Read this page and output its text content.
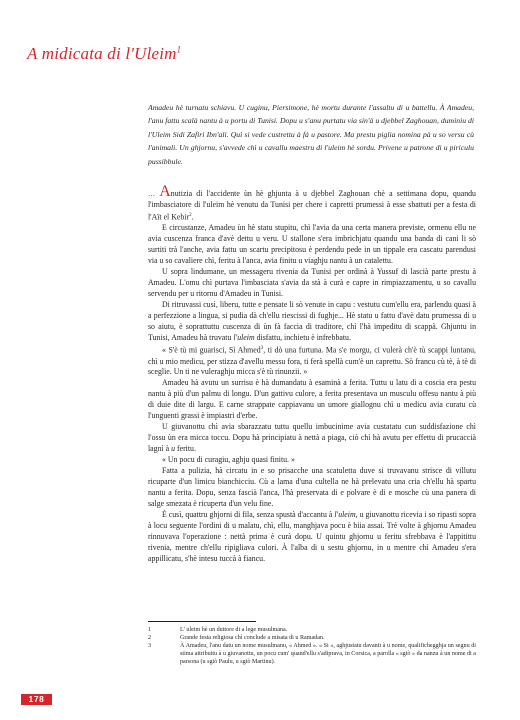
A midicata di l'Uleim$^1$

Amadeu hè turnatu schiavu. U cuginu, Piersimone, hè mortu durante l'assaltu di u battellu. À Amadeu, l'anu fattu scalà nantu à u portu di Tunisi. Dopu u s'anu purtatu via sin'à u djebbel Zaghouan, duminiu di l'Uleim Sidi Zafiri Ibn'ali. Quì si vede custrettu à fà u pastore. Ma prestu piglia nomina pà u so versu cù l'animali. Un ghjornu, s'avvede chì u cavallu maestru di l'uleim hè sordu. Privene u patrone di u piriculu pussibbule.

… Anutizia di l'accidente ùn hè ghjunta à u djebbel Zaghouan chè a settimana dopu, quandu l'imbasciatore di l'uleim hè venutu da Tunisi per chere i capretti prumessi à esse sbattuti per a festa di l'Aït el Kebir$^2$.

E circustanze, Amadeu ùn hè statu stupitu, chì l'avia da una certa manera previste, ormenu ellu ne avia cuscenza franca d'avè dettu u veru. U stallone s'era imbrichjatu quandu una banda di cani li sò surtiti trà l'anche, avia fattu un scartu precipitosu è perdendu pede in un tippale era cascatu parendusi via u so cavaliere chì, feritu à l'anca, avia finitu u viaghju nantu à un catalettu.

U sopra lindumane, un messageru rivenia da Tunisi per ordinà à Yussuf di lascià parte prestu à Amadeu. L'omu chì purtava l'imbasciata s'avia da stà à curà e capre in rimpiazzamentu, u so cavallu servendu per u ritornu d'Amadeu in Tunisi.

Di ritruvassi cusì, liberu, tutte e pensate li sò venute in capu : vestutu cum'ellu era, parlendu quasi à a perfezzione a lingua, si pudia dà ch'ellu riescissi di fughje... Hè statu u fattu d'avè datu prumessa di u so aiutu, è soprattuttu cuscenza di ùn fà faccia di traditore, chì l'hà impeditu di scappà. Ghjuntu in Tunisi, Amadeu hà truvatu l'uleim disfattu, inchietu è infrebbatu.

« S'è tù mi guarisci, Sì Ahmed$^3$, ti dò una furtuna. Ma s'e morgu, ci vulerà ch'è tù scappi luntanu, chì u mio medicu, per stizza d'avellu messu fora, ti ferà spellà cum'è un caprettu. Sò francu cù tè, à tè di sceglie. Un ti ne vuleraghju micca s'è tù rinunzii. »

Amadeu hà avutu un surrisu è hà dumandatu à esaminà a ferita. Tuttu u latu di a coscia era pestu nantu à più d'un palmu di longu. D'un gattivu culore, a ferita presentava un musculu offesu nantu à più di duie dite di largu. E carne strappate cappiavanu un umore giallognu chì u medicu avia curatu cù l'unguenti grassi è impiastri d'erbe.

U giuvanottu chì avia sbarazzatu tuttu quellu imbucinime avia custatatu cun suddisfazione chì l'ossu ùn era micca toccu. Dopu hà principiatu à nettà a piaga, ciò chì hà avutu per effettu di prucaccià lagnì à u feritu.

« Un pocu di curagiu, aghju quasi finitu. »

Fatta a pulizia, hà circatu in e so prisacche una scatuletta duve si truvavanu strisce di villutu ricuparte d'un limicu bianchicciu. Cù a lama d'una cultella ne hà prelevatu una cria ch'ellu hà spartu nantu a ferita. Dopu, senza fascià l'anca, l'hà preservata di e polvare è di e mosche cù una panera di salge smezata è ricuperta d'un velu fine.

È cusì, quattru ghjorni di fila, senza spustà d'accantu à l'uleim, u giuvanottu ricevia i so ripasti sopra à locu seguente l'ordini di u malatu, chì, ellu, manghjava pocu è biia assai. Trè volte à ghjornu Amadeu rinnuvava l'operazione : nettà prima è curà dopu. U quintu ghjornu u feritu sfrebbava è l'appitittu rivenia, mentre ch'ellu ripigliava culori. À l'alba di u sestu ghjornu, in u mentre chì Amadeu s'era appillicatu, s'hè intesu tuccà à fiancu.

1	L' uleim hè un duttore di a lege musulmana.
2	Grande festa religiosa chì conclude a misata di u Ramadan.
3	À Amadeu, l'anu datu un nome musulmanu, « Ahmed ». « Si », aghjustatu davanti à u nome, qualifichegghja un segnu di stima attribuitu à u giuvanottu, un pocu cum' quand'ellu s'adiprava, in Corsica, a parolla « sgiò » da nanzu à un nome di a parsona (u sgiò Paulu, u sgiò Martinu).
178
